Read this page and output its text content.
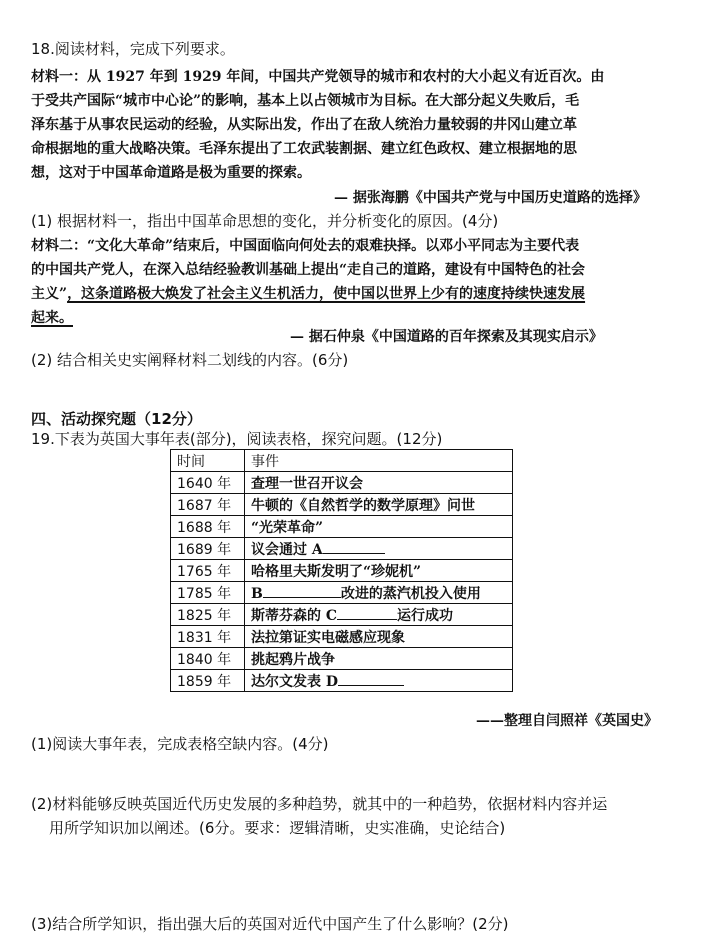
18.阅读材料，完成下列要求。
材料一：从 1927 年到 1929 年间，中国共产党领导的城市和农村的大小起义有近百次。由
于受共产国际“城市中心论”的影响，基本上以占领城市为目标。在大部分起义失败后，毛
泽东基于从事农民运动的经验，从实际出发，作出了在敌人统治力量较弱的井冈山建立革
命根据地的重大战略决策。毛泽东提出了工农武装割据、建立红色政权、建立根据地的思
想，这对于中国革命道路是极为重要的探索。
— 据张海鹏《中国共产党与中国历史道路的选择》
(1) 根据材料一，指出中国革命思想的变化，并分析变化的原因。(4分)
材料二：“文化大革命”结束后，中国面临向何处去的艰难抉择。以邓小平同志为主要代表
的中国共产党人，在深入总结经验教训基础上提出“走自己的道路，建设有中国特色的社会
主义”，这条道路极大焕发了社会主义生机活力，使中国以世界上少有的速度持续快速发展
起来。
— 据石仲泉《中国道路的百年探索及其现实启示》
(2) 结合相关史实阐释材料二划线的内容。(6分)
四、活动探究题（12分）
19.下表为英国大事年表(部分)，阅读表格，探究问题。(12分)
时间	事件
1640 年	查理一世召开议会
1687 年	牛顿的《自然哲学的数学原理》问世
1688 年	“光荣革命”
1689 年	议会通过 A
1765 年	哈格里夫斯发明了“珍妮机”
1785 年	B 改进的蒸汽机投入使用
1825 年	斯蒂芬森的 C 运行成功
1831 年	法拉第证实电磁感应现象
1840 年	挑起鸦片战争
1859 年	达尔文发表 D
——整理自闫照祥《英国史》
(1)阅读大事年表，完成表格空缺内容。(4分)
(2)材料能够反映英国近代历史发展的多种趋势，就其中的一种趋势，依据材料内容并运
用所学知识加以阐述。(6分。要求：逻辑清晰，史实准确，史论结合)
(3)结合所学知识，指出强大后的英国对近代中国产生了什么影响？(2分)
